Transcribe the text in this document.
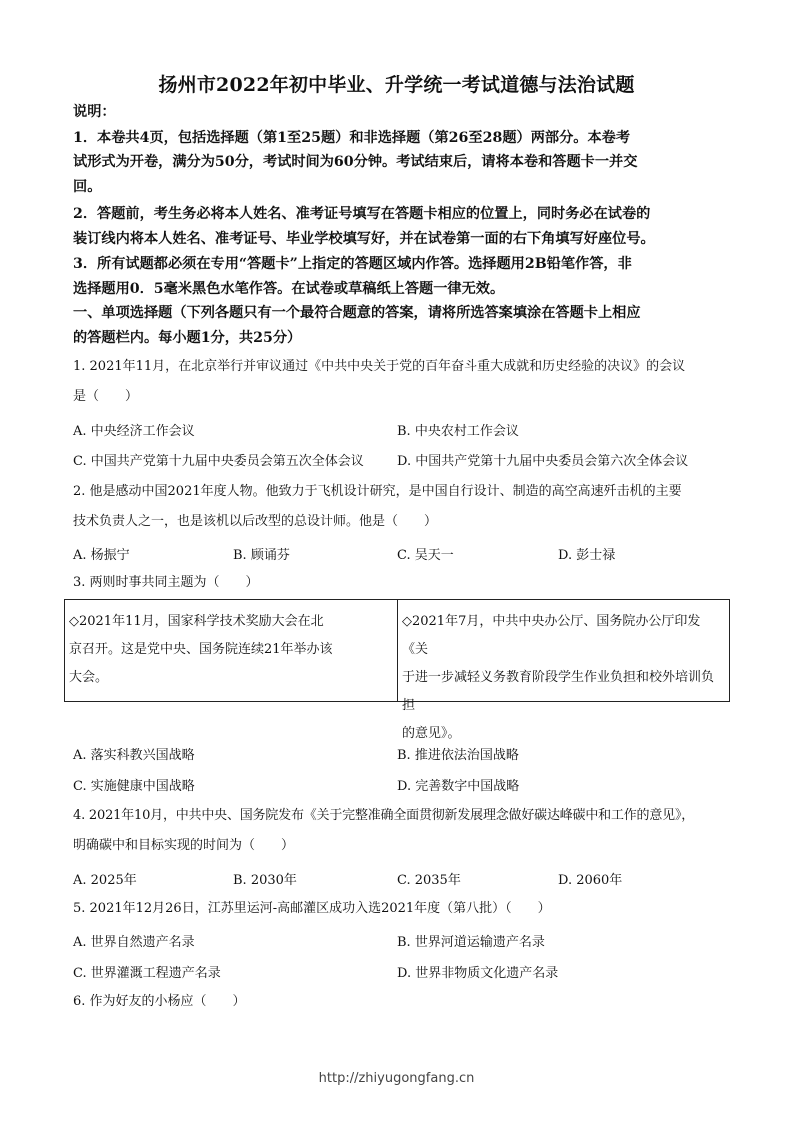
扬州市2022年初中毕业、升学统一考试道德与法治试题
说明：
1．本卷共4页，包括选择题（第1至25题）和非选择题（第26至28题）两部分。本卷考
试形式为开卷，满分为50分，考试时间为60分钟。考试结束后，请将本卷和答题卡一并交
回。
2．答题前，考生务必将本人姓名、准考证号填写在答题卡相应的位置上，同时务必在试卷的
装订线内将本人姓名、准考证号、毕业学校填写好，并在试卷第一面的右下角填写好座位号。
3．所有试题都必须在专用“答题卡”上指定的答题区域内作答。选择题用2B铅笔作答，非
选择题用0．5毫米黑色水笔作答。在试卷或草稿纸上答题一律无效。
一、单项选择题（下列各题只有一个最符合题意的答案，请将所选答案填涂在答题卡上相应
的答题栏内。每小题1分，共25分）
1. 2021年11月，在北京举行并审议通过《中共中央关于党的百年奋斗重大成就和历史经验的决议》的会议
是（　　）
A. 中央经济工作会议	B. 中央农村工作会议
C. 中国共产党第十九届中央委员会第五次全体会议	D. 中国共产党第十九届中央委员会第六次全体会议
2. 他是感动中国2021年度人物。他致力于飞机设计研究，是中国自行设计、制造的高空高速歼击机的主要
技术负责人之一，也是该机以后改型的总设计师。他是（　　）
A. 杨振宁	B. 顾诵芬	C. 吴天一	D. 彭士禄
3. 两则时事共同主题为（　　）
◇2021年11月，国家科学技术奖励大会在北
京召开。这是党中央、国务院连续21年举办该
大会。
◇2021年7月，中共中央办公厅、国务院办公厅印发《关
于进一步减轻义务教育阶段学生作业负担和校外培训负担
的意见》。
A. 落实科教兴国战略	B. 推进依法治国战略
C. 实施健康中国战略	D. 完善数字中国战略
4. 2021年10月，中共中央、国务院发布《关于完整准确全面贯彻新发展理念做好碳达峰碳中和工作的意见》，
明确碳中和目标实现的时间为（　　）
A. 2025年	B. 2030年	C. 2035年	D. 2060年
5. 2021年12月26日，江苏里运河-高邮灌区成功入选2021年度（第八批）（　　）
A. 世界自然遗产名录	B. 世界河道运输遗产名录
C. 世界灌溉工程遗产名录	D. 世界非物质文化遗产名录
6. 作为好友的小杨应（　　）
http://zhiyugongfang.cn
